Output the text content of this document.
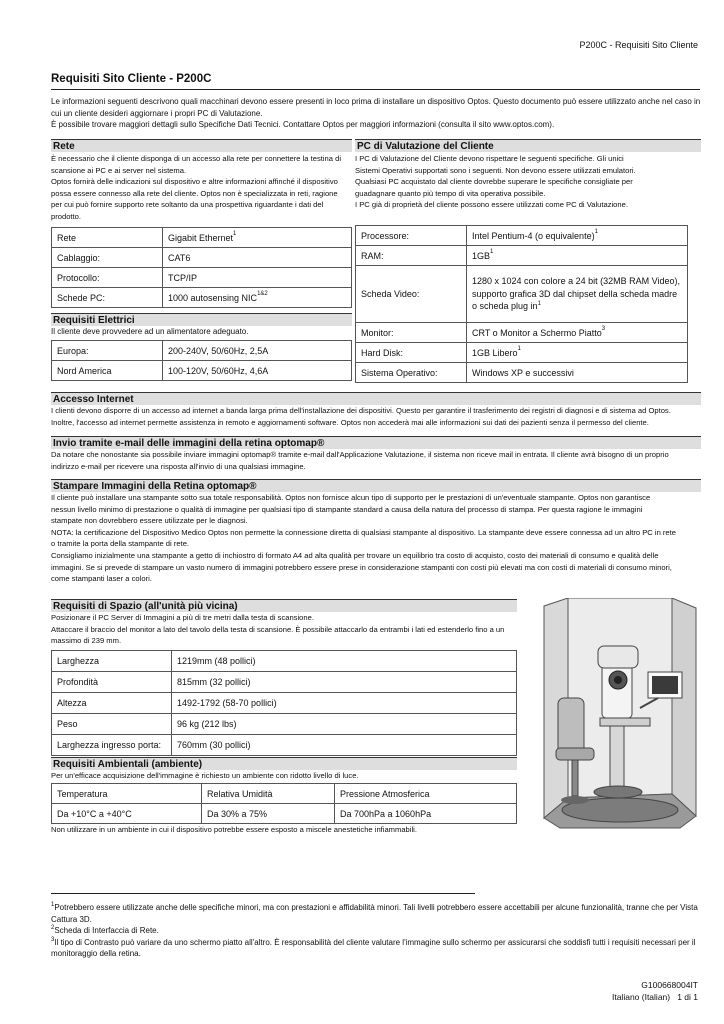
P200C - Requisiti Sito Cliente
Requisiti Sito Cliente - P200C
Le informazioni seguenti descrivono quali macchinari devono essere presenti in loco prima di installare un dispositivo Optos. Questo documento può essere utilizzato anche nel caso in
cui un cliente desideri aggiornare i propri PC di Valutazione.
È possibile trovare maggiori dettagli sullo Specifiche Dati Tecnici. Contattare Optos per maggiori informazioni (consulta il sito www.optos.com).
Rete
È necessario che il cliente disponga di un accesso alla rete per connettere la testina di
scansione ai PC e ai server nel sistema.
Optos fornirà delle indicazioni sul dispositivo e altre informazioni affinché il dispositivo
possa essere connesso alla rete del cliente. Optos non è specializzata in reti, ragione
per cui può fornire supporto rete soltanto da una prospettiva riguardante i dati del
prodotto.
Rete	Gigabit Ethernet$^1$
Cablaggio:	CAT6
Protocollo:	TCP/IP
Schede PC:	1000 autosensing $NIC^{1\&2}$
Requisiti Elettrici
Il cliente deve provvedere ad un alimentatore adeguato.
Europa:	200-240V, 50/60Hz, 2,5A
Nord America	100-120V, 50/60Hz, 4,6A
PC di Valutazione del Cliente
I PC di Valutazione del Cliente devono rispettare le seguenti specifiche. Gli unici
Sistemi Operativi supportati sono i seguenti. Non devono essere utilizzati emulatori.
Qualsiasi PC acquistato dal cliente dovrebbe superare le specifiche consigliate per
guadagnare quanto più tempo di vita operativa possibile.
I PC già di proprietà del cliente possono essere utilizzati come PC di Valutazione.
Processore:	Intel Pentium-4 (o equivalente)$^1$
RAM:	$1GB^1$
Scheda Video:	1280 x 1024 con colore a 24 bit (32MB RAM Video), supporto grafica 3D dal chipset della scheda madre o scheda plug $in^1$
Monitor:	CRT o Monitor a Schermo Piatto$^3$
Hard Disk:	1GB Libero$^1$
Sistema Operativo:	Windows XP e successivi
Accesso Internet
I clienti devono disporre di un accesso ad internet a banda larga prima dell'installazione dei dispositivi. Questo per garantire il trasferimento dei registri di diagnosi e di sistema ad Optos.
Inoltre, l'accesso ad internet permette assistenza in remoto e aggiornamenti software. Optos non accederà mai alle informazioni sui dati dei pazienti senza il permesso del cliente.
Invio tramite e-mail delle immagini della retina optomap®
Da notare che nonostante sia possibile inviare immagini optomap® tramite e-mail dall'Applicazione Valutazione, il sistema non riceve mail in entrata. Il cliente avrà bisogno di un proprio
indirizzo e-mail per ricevere una risposta all'invio di una qualsiasi immagine.
Stampare Immagini della Retina optomap®
Il cliente può installare una stampante sotto sua totale responsabilità. Optos non fornisce alcun tipo di supporto per le prestazioni di un'eventuale stampante. Optos non garantisce
nessun livello minimo di prestazione o qualità di immagine per qualsiasi tipo di stampante standard a causa della natura del processo di stampa. Per questa ragione le immagini
stampate non dovrebbero essere utilizzate per le diagnosi.
NOTA: la certificazione del Dispositivo Medico Optos non permette la connessione diretta di qualsiasi stampante al dispositivo. La stampante deve essere connessa ad un altro PC in rete
o tramite la porta della stampante di rete.
Consigliamo inizialmente una stampante a getto di inchiostro di formato A4 ad alta qualità per trovare un equilibrio tra costo di acquisto, costo dei materiali di consumo e qualità delle
immagini. Se si prevede di stampare un vasto numero di immagini potrebbero essere prese in considerazione stampanti con costi più elevati ma con costi di materiali di consumo minori,
come stampanti laser a colori.
Requisiti di Spazio (all'unità più vicina)
Posizionare il PC Server di Immagini a più di tre metri dalla testa di scansione.
Attaccare il braccio del monitor a lato del tavolo della testa di scansione. È possibile attaccarlo da entrambi i lati ed estenderlo fino a un
massimo di 239 mm.
Larghezza	1219mm (48 pollici)
Profondità	815mm (32 pollici)
Altezza	1492-1792 (58-70 pollici)
Peso	96 kg (212 lbs)
Larghezza ingresso porta:	760mm (30 pollici)
Requisiti Ambientali (ambiente)
Per un'efficace acquisizione dell'immagine è richiesto un ambiente con ridotto livello di luce.
Temperatura	Relativa Umidità	Pressione Atmosferica
Da +10°C a +40°C	Da 30% a 75%	Da 700hPa a 1060hPa
Non utilizzare in un ambiente in cui il dispositivo potrebbe essere esposto a miscele anestetiche infiammabili.
$^1$Potrebbero essere utilizzate anche delle specifiche minori, ma con prestazioni e affidabilità minori. Tali livelli potrebbero essere accettabili per alcune funzionalità, tranne che per Vista
Cattura 3D.
$^2$Scheda di Interfaccia di Rete.
$^3$Il tipo di Contrasto può variare da uno schermo piatto all'altro. È responsabilità del cliente valutare l'immagine sullo schermo per assicurarsi che soddisfi tutti i requisiti necessari per il
monitoraggio della retina.
G100668004IT
Italiano (Italian) 1 di 1
